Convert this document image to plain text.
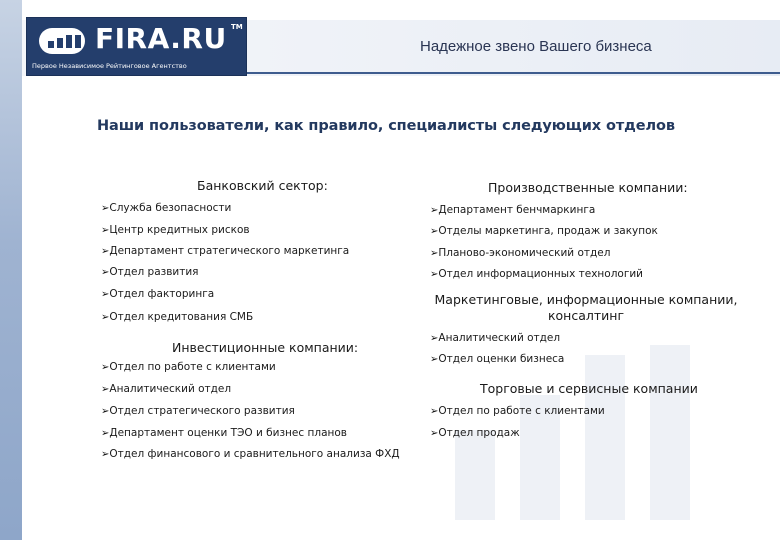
FIRA.RU TM
Первое Независимое Рейтинговое Агентство
Надежное звено Вашего бизнеса
Наши пользователи, как правило, специалисты следующих отделов
Банковский сектор:
➢Служба безопасности
➢Центр кредитных рисков
➢Департамент стратегического маркетинга
➢Отдел развития
➢Отдел факторинга
➢Отдел кредитования СМБ
Инвестиционные компании:
➢Отдел по работе с клиентами
➢Аналитический отдел
➢Отдел стратегического развития
➢Департамент оценки ТЭО и бизнес планов
➢Отдел финансового и сравнительного анализа ФХД
Производственные компании:
➢Департамент бенчмаркинга
➢Отделы маркетинга, продаж и закупок
➢Планово-экономический отдел
➢Отдел информационных технологий
Маркетинговые, информационные компании,
консалтинг
➢Аналитический отдел
➢Отдел оценки бизнеса
Торговые и сервисные компании
➢Отдел по работе с клиентами
➢Отдел продаж
